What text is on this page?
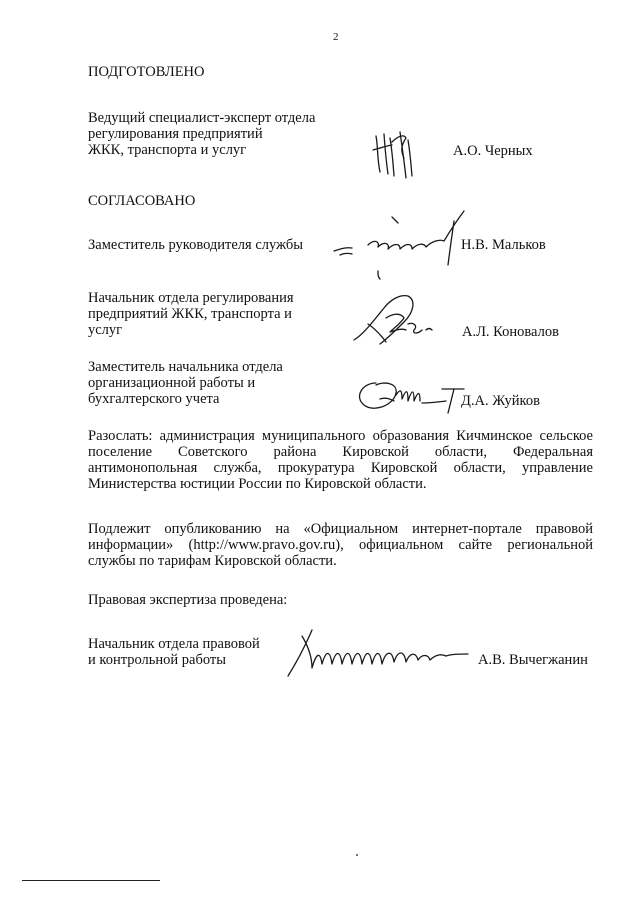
2
ПОДГОТОВЛЕНО
Ведущий специалист-эксперт отдела
регулирования предприятий
ЖКК, транспорта и услуг	А.О. Черных
СОГЛАСОВАНО
Заместитель руководителя службы	Н.В. Мальков
Начальник отдела регулирования
предприятий ЖКК, транспорта и
услуг	А.Л. Коновалов
Заместитель начальника отдела
организационной работы и
бухгалтерского учета	Д.А. Жуйков
Разослать: администрация муниципального образования Кичминское сельское поселение Советского района Кировской области, Федеральная антимонопольная служба, прокуратура Кировской области, управление Министерства юстиции России по Кировской области.
Подлежит опубликованию на «Официальном интернет-портале правовой информации» (http://www.pravo.gov.ru), официальном сайте региональной службы по тарифам Кировской области.
Правовая экспертиза проведена:
Начальник отдела правовой
и контрольной работы	А.В. Вычегжанин
